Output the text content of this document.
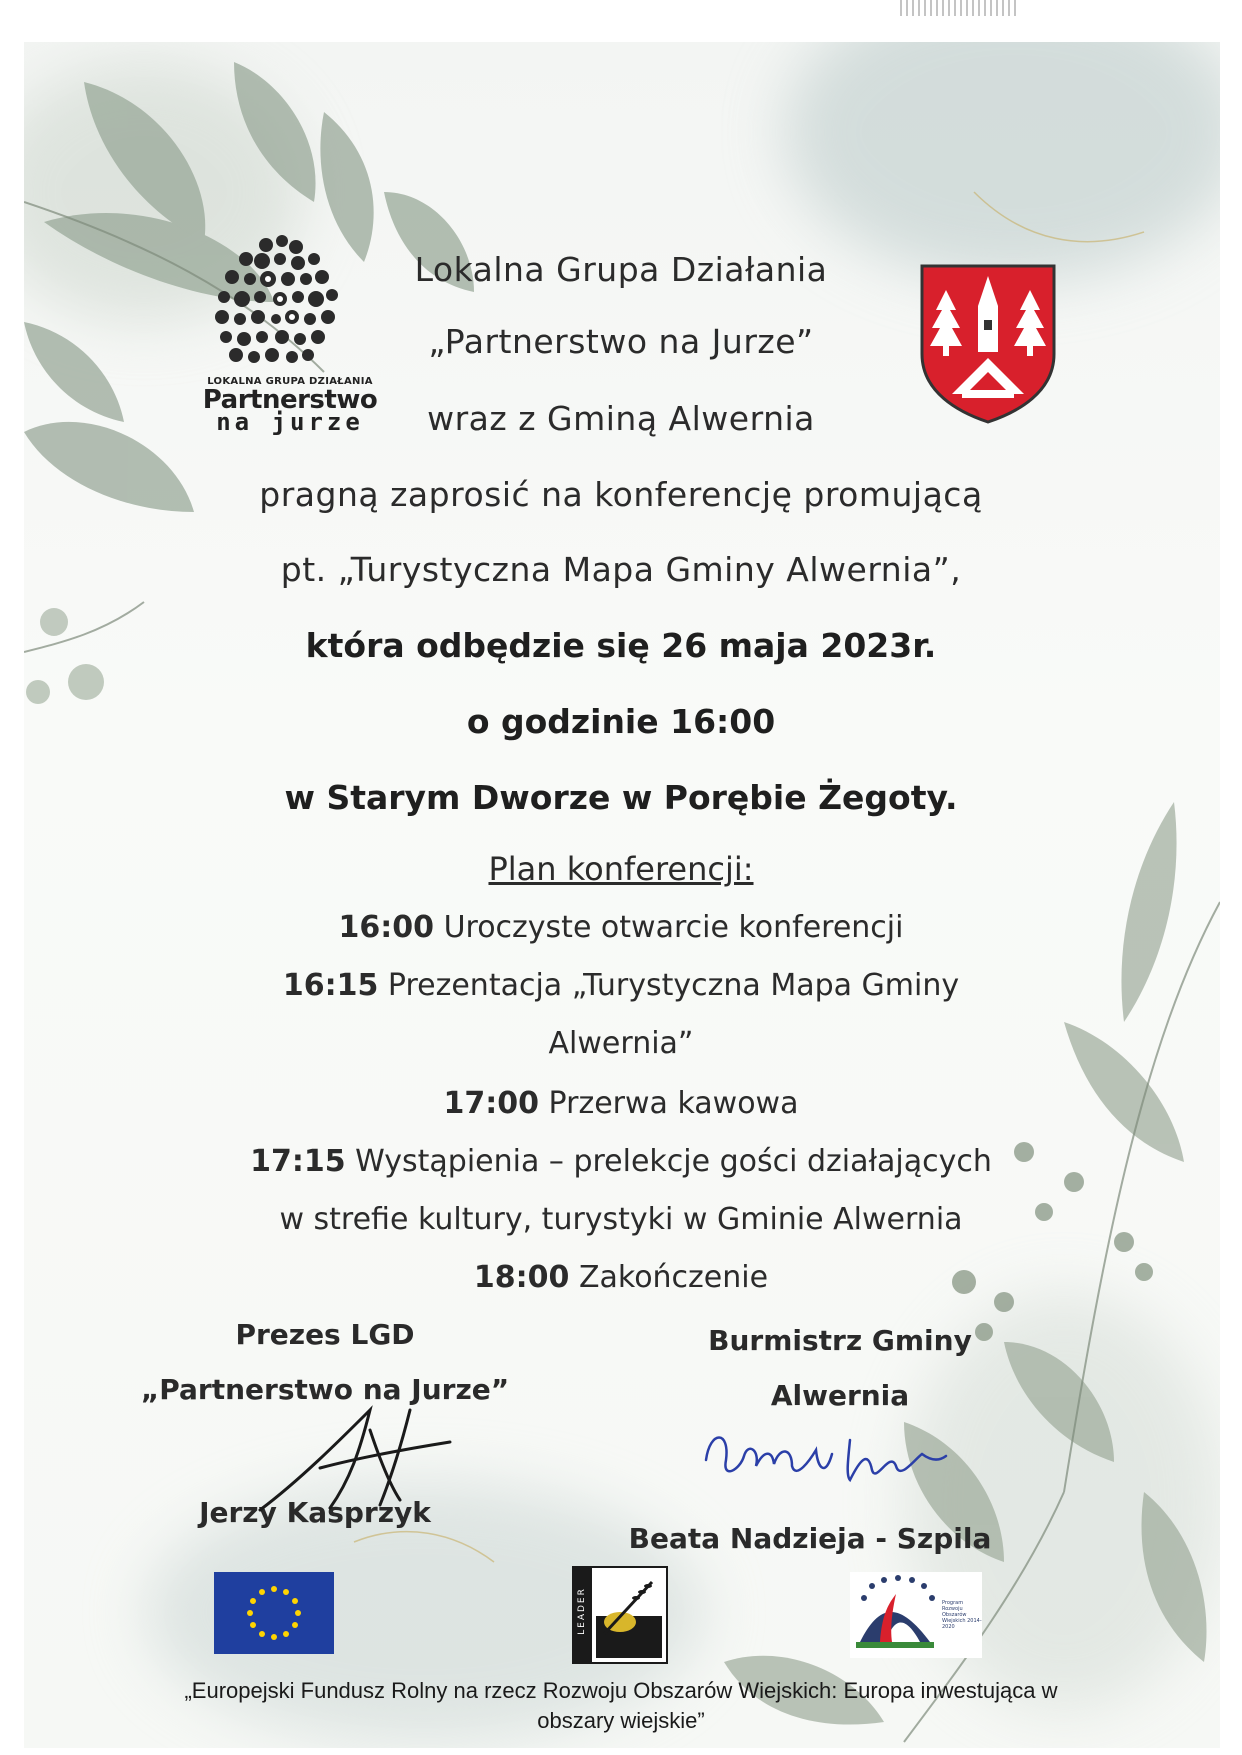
LOKALNA GRUPA DZIAŁANIA
Partnerstwo
na jurze
Lokalna Grupa Działania
„Partnerstwo na Jurze”
wraz z Gminą Alwernia
pragną zaprosić na konferencję promującą
pt. „Turystyczna Mapa Gminy Alwernia”,
która odbędzie się 26 maja 2023r.
o godzinie 16:00
w Starym Dworze w Porębie Żegoty.
Plan konferencji:
16:00 Uroczyste otwarcie konferencji
16:15 Prezentacja „Turystyczna Mapa Gminy
Alwernia”
17:00 Przerwa kawowa
17:15 Wystąpienia – prelekcje gości działających
w strefie kultury, turystyki w Gminie Alwernia
18:00 Zakończenie
Prezes LGD
„Partnerstwo na Jurze”
Jerzy Kasprzyk
Burmistrz Gminy
Alwernia
Beata Nadzieja - Szpila
LEADER	Program Rozwoju Obszarów Wiejskich 2014-2020
„Europejski Fundusz Rolny na rzecz Rozwoju Obszarów Wiejskich: Europa inwestująca w
obszary wiejskie”
